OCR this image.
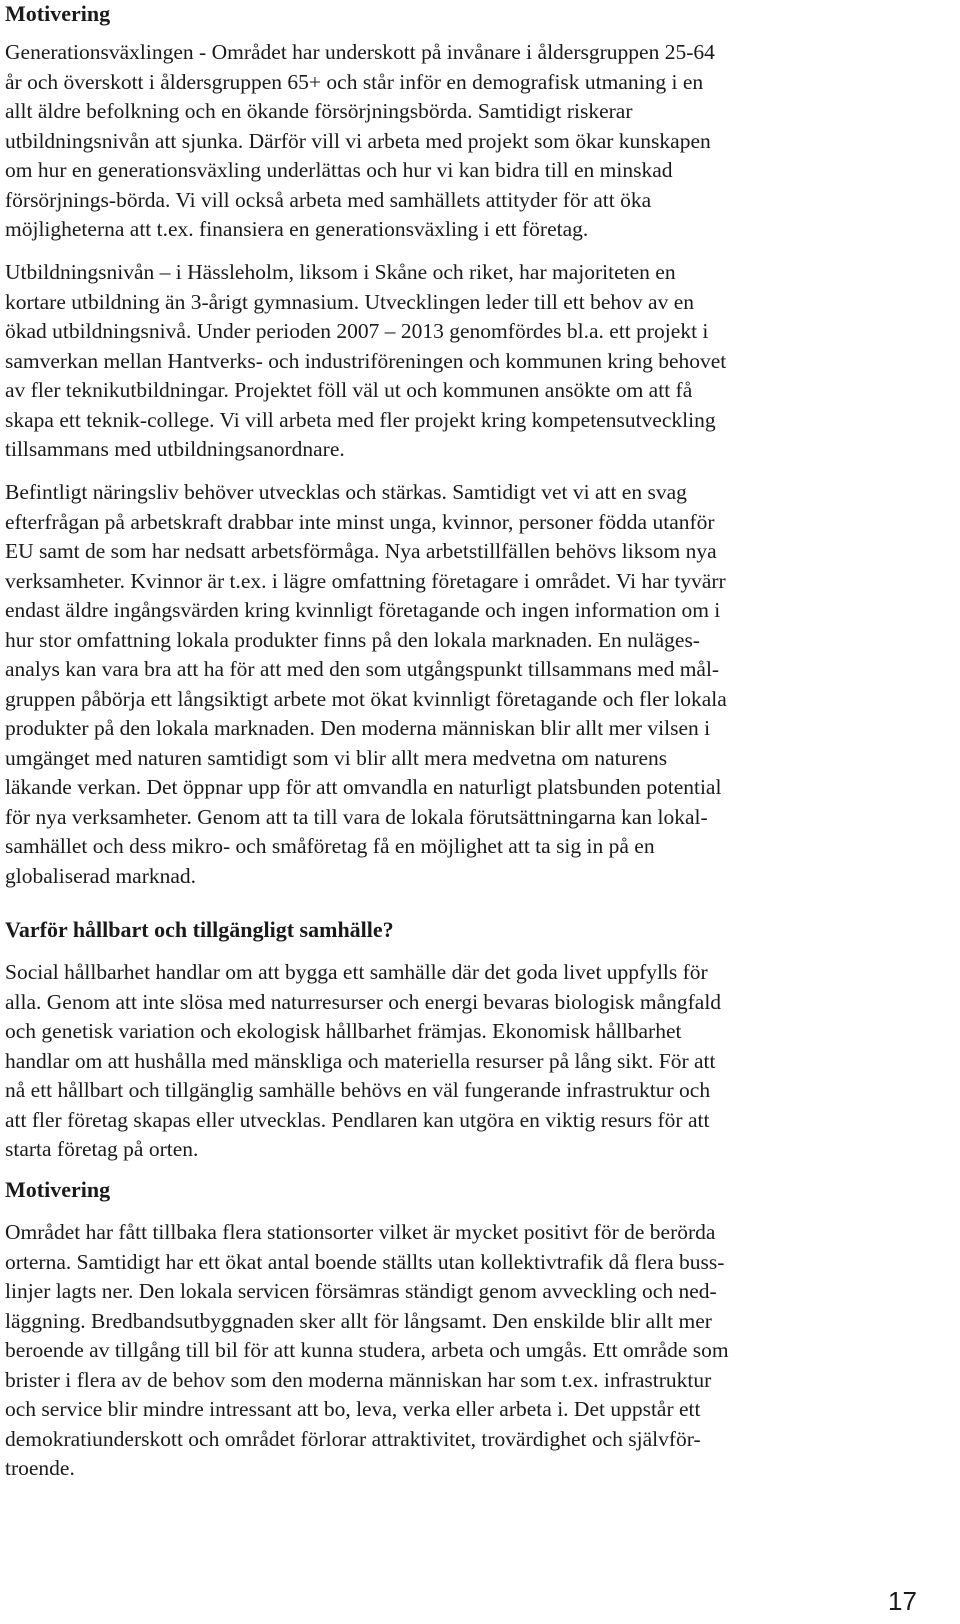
Motivering

Generationsväxlingen - Området har underskott på invånare i åldersgruppen 25-64
år och överskott i åldersgruppen 65+ och står inför en demografisk utmaning i en
allt äldre befolkning och en ökande försörjningsbörda. Samtidigt riskerar
utbildningsnivån att sjunka. Därför vill vi arbeta med projekt som ökar kunskapen
om hur en generationsväxling underlättas och hur vi kan bidra till en minskad
försörjnings-börda. Vi vill också arbeta med samhällets attityder för att öka
möjligheterna att t.ex. finansiera en generationsväxling i ett företag.

Utbildningsnivån – i Hässleholm, liksom i Skåne och riket, har majoriteten en
kortare utbildning än 3-årigt gymnasium. Utvecklingen leder till ett behov av en
ökad utbildningsnivå. Under perioden 2007 – 2013 genomfördes bl.a. ett projekt i
samverkan mellan Hantverks- och industriföreningen och kommunen kring behovet
av fler teknikutbildningar. Projektet föll väl ut och kommunen ansökte om att få
skapa ett teknik-college. Vi vill arbeta med fler projekt kring kompetensutveckling
tillsammans med utbildningsanordnare.

Befintligt näringsliv behöver utvecklas och stärkas. Samtidigt vet vi att en svag
efterfrågan på arbetskraft drabbar inte minst unga, kvinnor, personer födda utanför
EU samt de som har nedsatt arbetsförmåga. Nya arbetstillfällen behövs liksom nya
verksamheter. Kvinnor är t.ex. i lägre omfattning företagare i området. Vi har tyvärr
endast äldre ingångsvärden kring kvinnligt företagande och ingen information om i
hur stor omfattning lokala produkter finns på den lokala marknaden. En nuläges-
analys kan vara bra att ha för att med den som utgångspunkt tillsammans med mål-
gruppen påbörja ett långsiktigt arbete mot ökat kvinnligt företagande och fler lokala
produkter på den lokala marknaden. Den moderna människan blir allt mer vilsen i
umgänget med naturen samtidigt som vi blir allt mera medvetna om naturens
läkande verkan. Det öppnar upp för att omvandla en naturligt platsbunden potential
för nya verksamheter. Genom att ta till vara de lokala förutsättningarna kan lokal-
samhället och dess mikro- och småföretag få en möjlighet att ta sig in på en
globaliserad marknad.

Varför hållbart och tillgängligt samhälle?

Social hållbarhet handlar om att bygga ett samhälle där det goda livet uppfylls för
alla. Genom att inte slösa med naturresurser och energi bevaras biologisk mångfald
och genetisk variation och ekologisk hållbarhet främjas. Ekonomisk hållbarhet
handlar om att hushålla med mänskliga och materiella resurser på lång sikt. För att
nå ett hållbart och tillgänglig samhälle behövs en väl fungerande infrastruktur och
att fler företag skapas eller utvecklas. Pendlaren kan utgöra en viktig resurs för att
starta företag på orten.

Motivering

Området har fått tillbaka flera stationsorter vilket är mycket positivt för de berörda
orterna. Samtidigt har ett ökat antal boende ställts utan kollektivtrafik då flera buss-
linjer lagts ner. Den lokala servicen försämras ständigt genom avveckling och ned-
läggning. Bredbandsutbyggnaden sker allt för långsamt. Den enskilde blir allt mer
beroende av tillgång till bil för att kunna studera, arbeta och umgås. Ett område som
brister i flera av de behov som den moderna människan har som t.ex. infrastruktur
och service blir mindre intressant att bo, leva, verka eller arbeta i. Det uppstår ett
demokratiunderskott och området förlorar attraktivitet, trovärdighet och självför-
troende.

17
